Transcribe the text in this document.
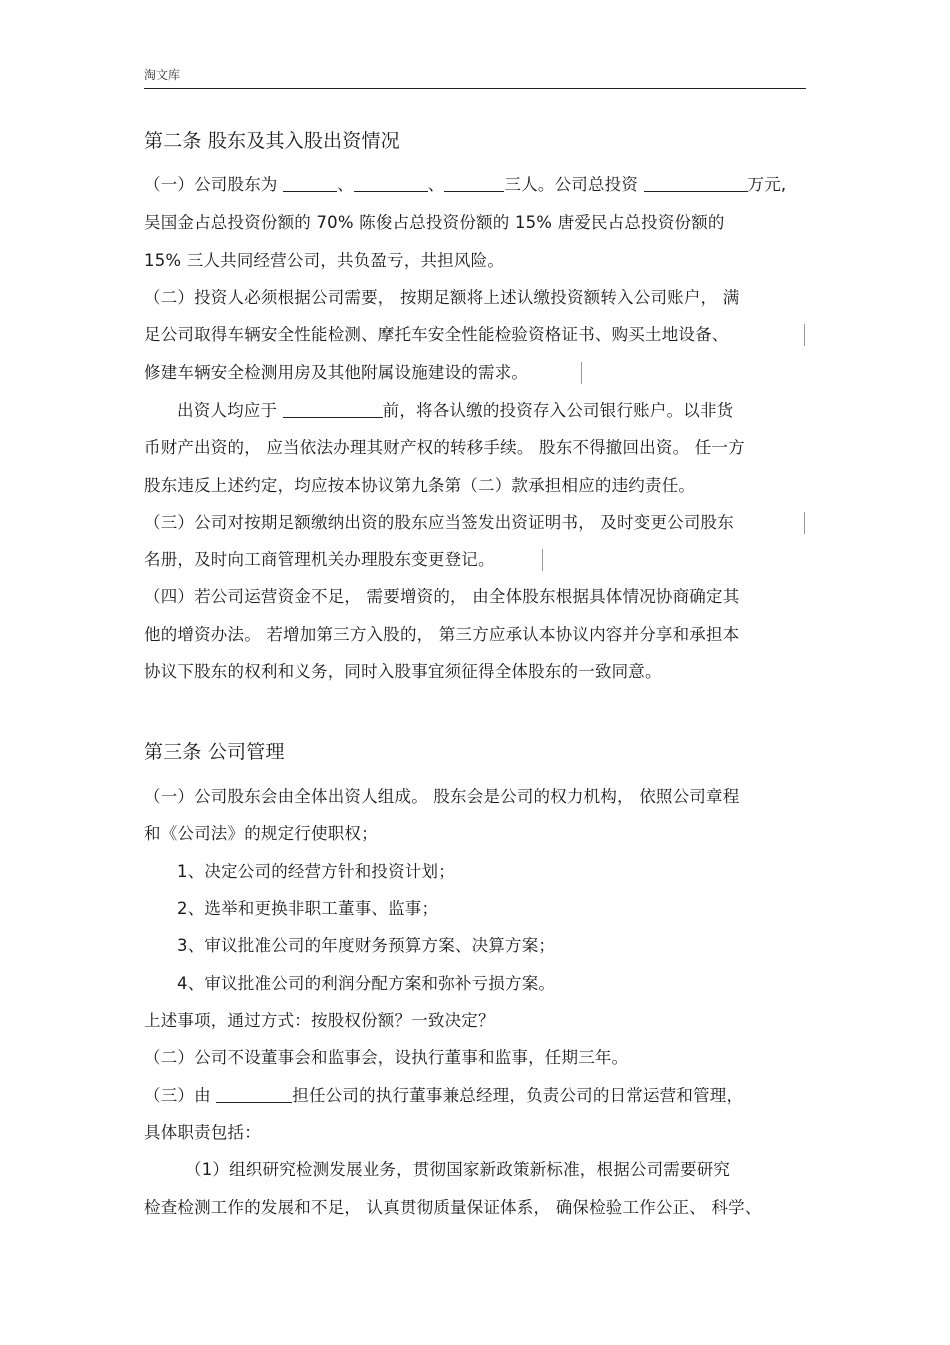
淘文库
第二条 股东及其入股出资情况
（一）公司股东为	、	、	三人。公司总投资	万元,
吴国金占总投资份额的 70% 陈俊占总投资份额的 15% 唐爱民占总投资份额的
15% 三人共同经营公司，共负盈亏，共担风险。
（二）投资人必须根据公司需要， 按期足额将上述认缴投资额转入公司账户， 满
足公司取得车辆安全性能检测、摩托车安全性能检验资格证书、购买土地设备、
修建车辆安全检测用房及其他附属设施建设的需求。
出资人均应于	前，将各认缴的投资存入公司银行账户。以非货
币财产出资的， 应当依法办理其财产权的转移手续。 股东不得撤回出资。 任一方
股东违反上述约定，均应按本协议第九条第（二）款承担相应的违约责任。
（三）公司对按期足额缴纳出资的股东应当签发出资证明书， 及时变更公司股东
名册，及时向工商管理机关办理股东变更登记。
（四）若公司运营资金不足， 需要增资的， 由全体股东根据具体情况协商确定其
他的增资办法。 若增加第三方入股的， 第三方应承认本协议内容并分享和承担本
协议下股东的权利和义务，同时入股事宜须征得全体股东的一致同意。
第三条 公司管理
（一）公司股东会由全体出资人组成。 股东会是公司的权力机构， 依照公司章程
和《公司法》的规定行使职权；
1、决定公司的经营方针和投资计划；
2、选举和更换非职工董事、监事；
3、审议批准公司的年度财务预算方案、决算方案；
4、审议批准公司的利润分配方案和弥补亏损方案。
上述事项，通过方式：按股权份额？一致决定？
（二）公司不设董事会和监事会，设执行董事和监事，任期三年。
（三）由	担任公司的执行董事兼总经理，负责公司的日常运营和管理，
具体职责包括：
（1）组织研究检测发展业务，贯彻国家新政策新标准，根据公司需要研究
检查检测工作的发展和不足， 认真贯彻质量保证体系， 确保检验工作公正、 科学、
